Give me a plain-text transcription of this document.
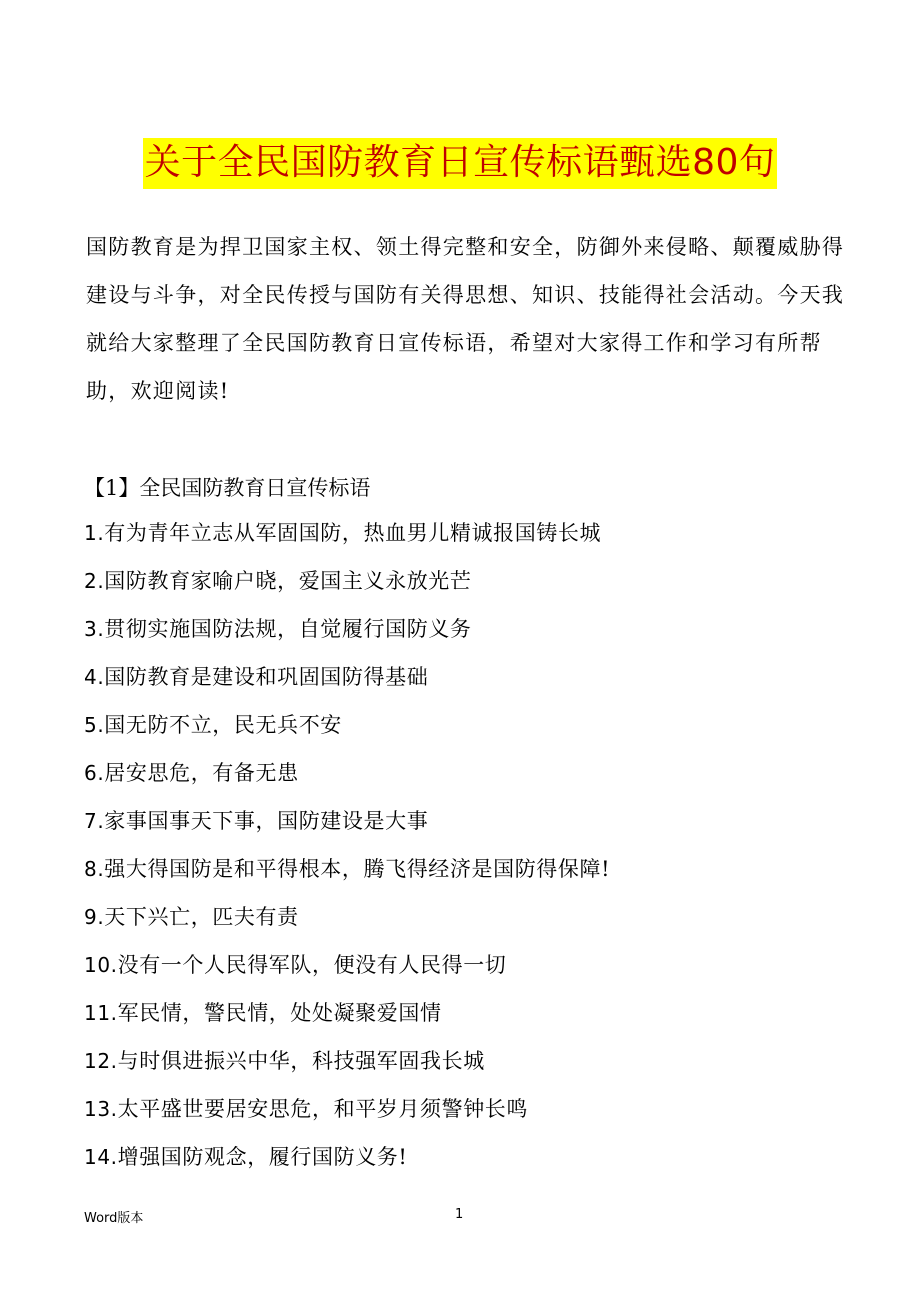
关于全民国防教育日宣传标语甄选80句

国防教育是为捍卫国家主权、领土得完整和安全，防御外来侵略、颠覆威胁得建设与斗争，对全民传授与国防有关得思想、知识、技能得社会活动。今天我就给大家整理了全民国防教育日宣传标语，希望对大家得工作和学习有所帮助，欢迎阅读!

【1】全民国防教育日宣传标语
1.有为青年立志从军固国防，热血男儿精诚报国铸长城
2.国防教育家喻户晓，爱国主义永放光芒
3.贯彻实施国防法规，自觉履行国防义务
4.国防教育是建设和巩固国防得基础
5.国无防不立，民无兵不安
6.居安思危，有备无患
7.家事国事天下事，国防建设是大事
8.强大得国防是和平得根本，腾飞得经济是国防得保障!
9.天下兴亡，匹夫有责
10.没有一个人民得军队，便没有人民得一切
11.军民情，警民情，处处凝聚爱国情
12.与时俱进振兴中华，科技强军固我长城
13.太平盛世要居安思危，和平岁月须警钟长鸣
14.增强国防观念，履行国防义务!
Word版本	1
